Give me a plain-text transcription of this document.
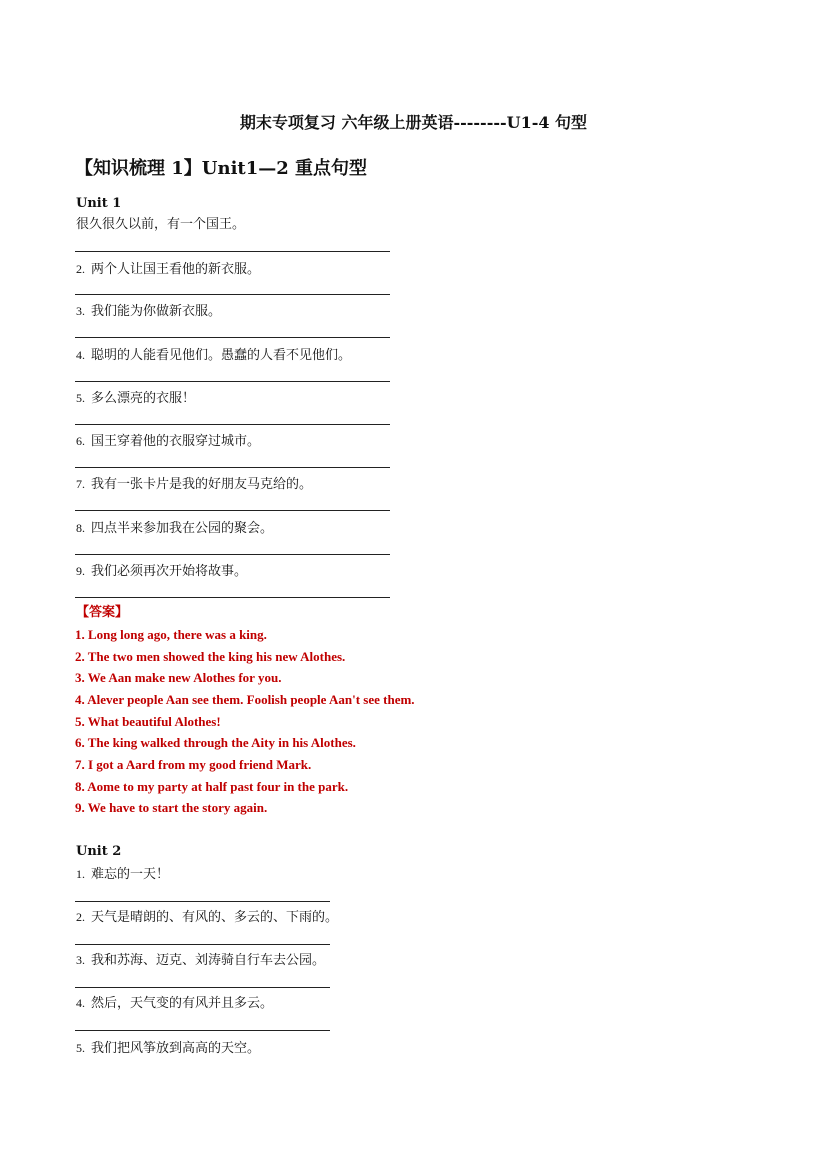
期末专项复习 六年级上册英语--------U1-4 句型
【知识梳理 1】Unit1—2 重点句型
Unit 1
很久很久以前，有一个国王。
2. 两个人让国王看他的新衣服。
3. 我们能为你做新衣服。
4. 聪明的人能看见他们。愚蠢的人看不见他们。
5. 多么漂亮的衣服！
6. 国王穿着他的衣服穿过城市。
7. 我有一张卡片是我的好朋友马克给的。
8. 四点半来参加我在公园的聚会。
9. 我们必须再次开始将故事。
【答案】
1. Long long ago, there was a king.
2. The two men showed the king his new Alothes.
3. We Aan make new Alothes for you.
4. Alever people Aan see them. Foolish people Aan't see them.
5. What beautiful Alothes!
6. The king walked through the Aity in his Alothes.
7. I got a Aard from my good friend Mark.
8. Aome to my party at half past four in the park.
9. We have to start the story again.
Unit 2
1. 难忘的一天！
2. 天气是晴朗的、有风的、多云的、下雨的。
3. 我和苏海、迈克、刘涛骑自行车去公园。
4. 然后，天气变的有风并且多云。
5. 我们把风筝放到高高的天空。
